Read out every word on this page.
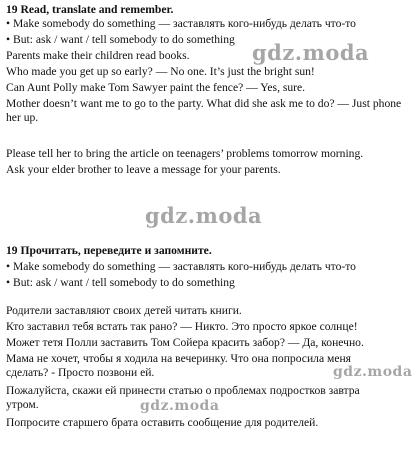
19 Read, translate and remember.
• Make somebody do something — заставлять кого-нибудь делать что-то
• But: ask / want / tell somebody to do something
Parents make their children read books.
Who made you get up so early? — No one. It’s just the bright sun!
Can Aunt Polly make Tom Sawyer paint the fence? — Yes, sure.
Mother doesn’t want me to go to the party. What did she ask me to do? — Just phone her up.
Please tell her to bring the article on teenagers’ problems tomorrow morning.
Ask your elder brother to leave a message for your parents.
19 Прочитать, переведите и запомните.
• Make somebody do something — заставлять кого-нибудь делать что-то
• But: ask / want / tell somebody to do something
Родители заставляют своих детей читать книги.
Кто заставил тебя встать так рано? — Никто. Это просто яркое солнце!
Может тетя Полли заставить Том Сойера красить забор? — Да, конечно.
Мама не хочет, чтобы я ходила на вечеринку. Что она попросила меня сделать? - Просто позвони ей.
Пожалуйста, скажи ей принести статью о проблемах подростков завтра утром.
Попросите старшего брата оставить сообщение для родителей.
gdz.moda
gdz.moda
gdz.moda
gdz.moda
